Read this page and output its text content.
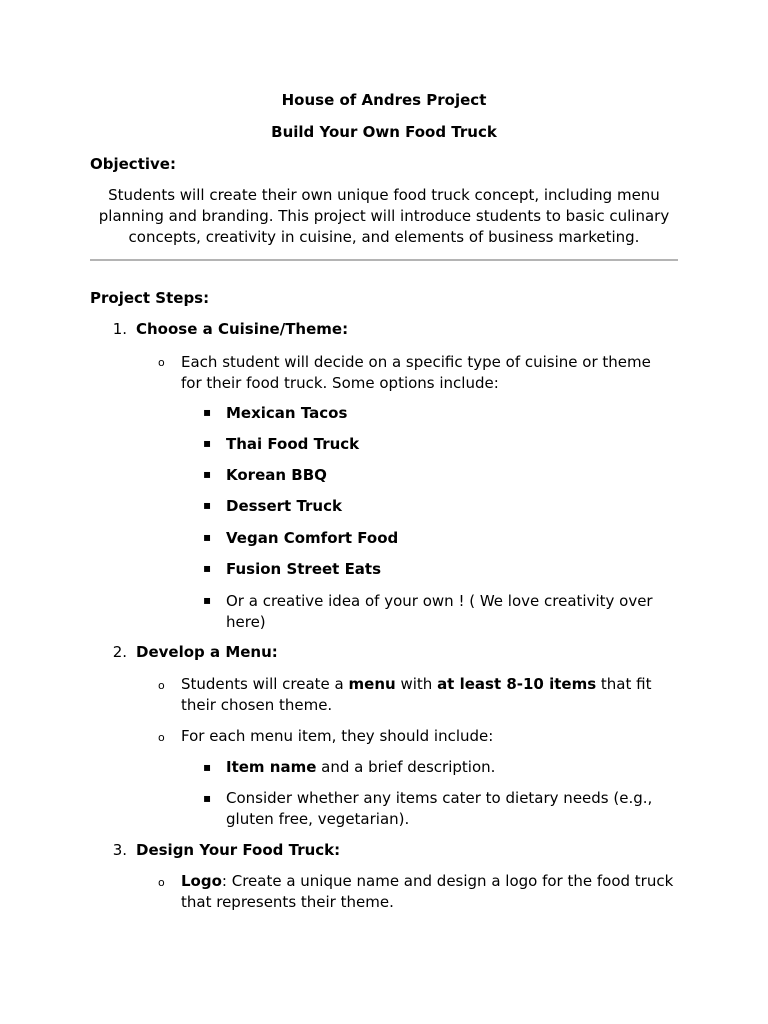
House of Andres Project

Build Your Own Food Truck

Objective:

Students will create their own unique food truck concept, including menu planning and branding. This project will introduce students to basic culinary concepts, creativity in cuisine, and elements of business marketing.

Project Steps:

1. Choose a Cuisine/Theme:
o Each student will decide on a specific type of cuisine or theme for their food truck. Some options include:

▪ Mexican Tacos
▪ Thai Food Truck
▪ Korean BBQ
▪ Dessert Truck
▪ Vegan Comfort Food
▪ Fusion Street Eats
▪ Or a creative idea of your own ! ( We love creativity over here)

2. Develop a Menu:
o Students will create a menu with at least 8-10 items that fit their chosen theme.

o For each menu item, they should include:

▪ Item name and a brief description.

▪ Consider whether any items cater to dietary needs (e.g., gluten free, vegetarian).

3. Design Your Food Truck:
o Logo: Create a unique name and design a logo for the food truck that represents their theme.
